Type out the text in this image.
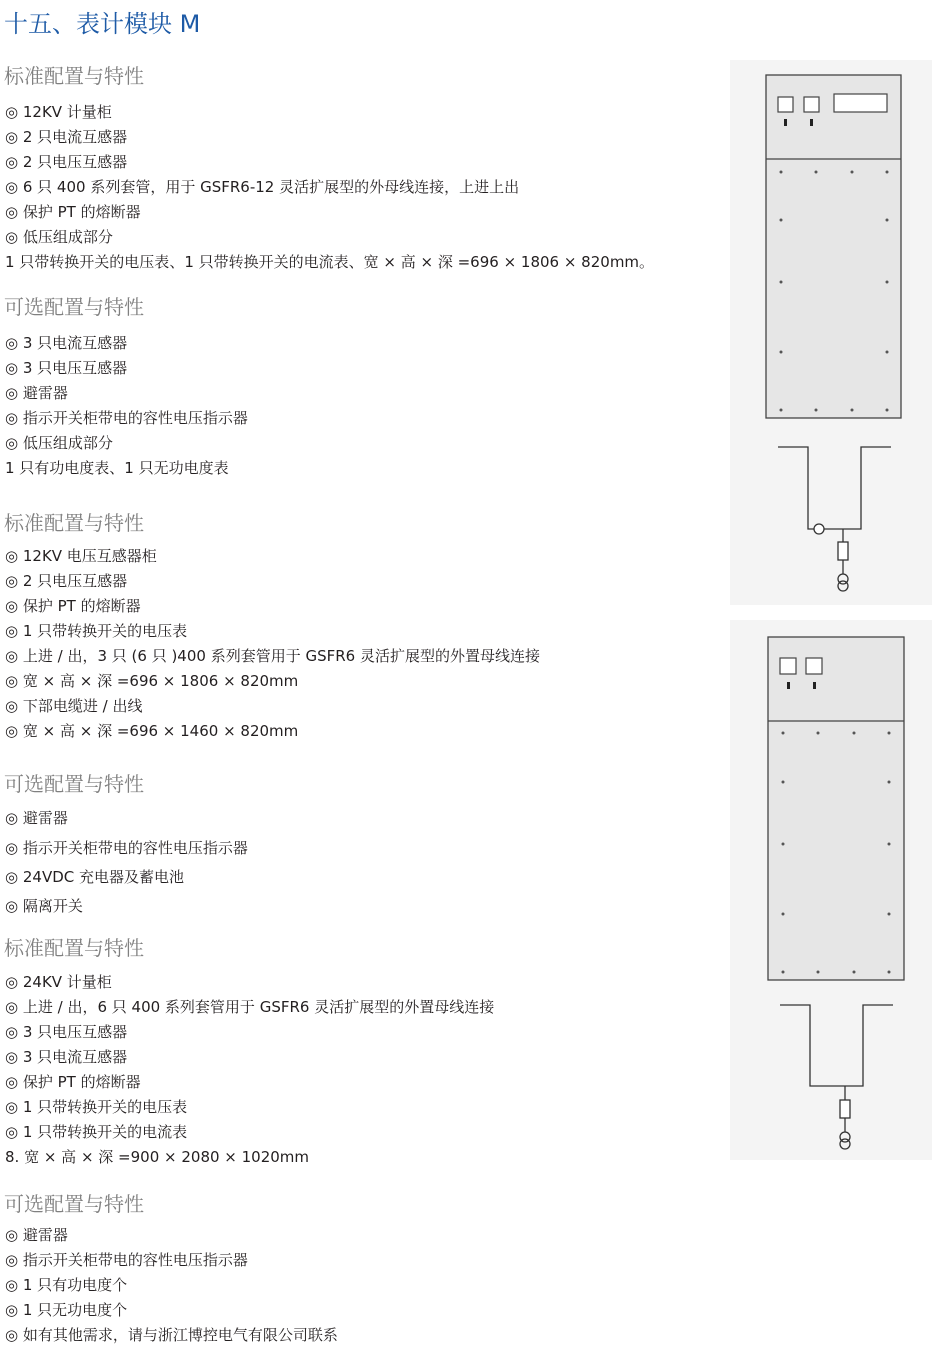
十五、表计模块 M
标准配置与特性
◎ 12KV 计量柜
◎ 2 只电流互感器
◎ 2 只电压互感器
◎ 6 只 400 系列套管，用于 GSFR6-12 灵活扩展型的外母线连接，上进上出
◎ 保护 PT 的熔断器
◎ 低压组成部分
1 只带转换开关的电压表、1 只带转换开关的电流表、宽 × 高 × 深 =696 × 1806 × 820mm。
可选配置与特性
◎ 3 只电流互感器
◎ 3 只电压互感器
◎ 避雷器
◎ 指示开关柜带电的容性电压指示器
◎ 低压组成部分
1 只有功电度表、1 只无功电度表
标准配置与特性
◎ 12KV 电压互感器柜
◎ 2 只电压互感器
◎ 保护 PT 的熔断器
◎ 1 只带转换开关的电压表
◎ 上进 / 出，3 只 (6 只 )400 系列套管用于 GSFR6 灵活扩展型的外置母线连接
◎ 宽 × 高 × 深 =696 × 1806 × 820mm
◎ 下部电缆进 / 出线
◎ 宽 × 高 × 深 =696 × 1460 × 820mm
可选配置与特性
◎ 避雷器
◎ 指示开关柜带电的容性电压指示器
◎ 24VDC 充电器及蓄电池
◎ 隔离开关
标准配置与特性
◎ 24KV 计量柜
◎ 上进 / 出，6 只 400 系列套管用于 GSFR6 灵活扩展型的外置母线连接
◎ 3 只电压互感器
◎ 3 只电流互感器
◎ 保护 PT 的熔断器
◎ 1 只带转换开关的电压表
◎ 1 只带转换开关的电流表
8. 宽 × 高 × 深 =900 × 2080 × 1020mm
可选配置与特性
◎ 避雷器
◎ 指示开关柜带电的容性电压指示器
◎ 1 只有功电度个
◎ 1 只无功电度个
◎ 如有其他需求，请与浙江博控电气有限公司联系
